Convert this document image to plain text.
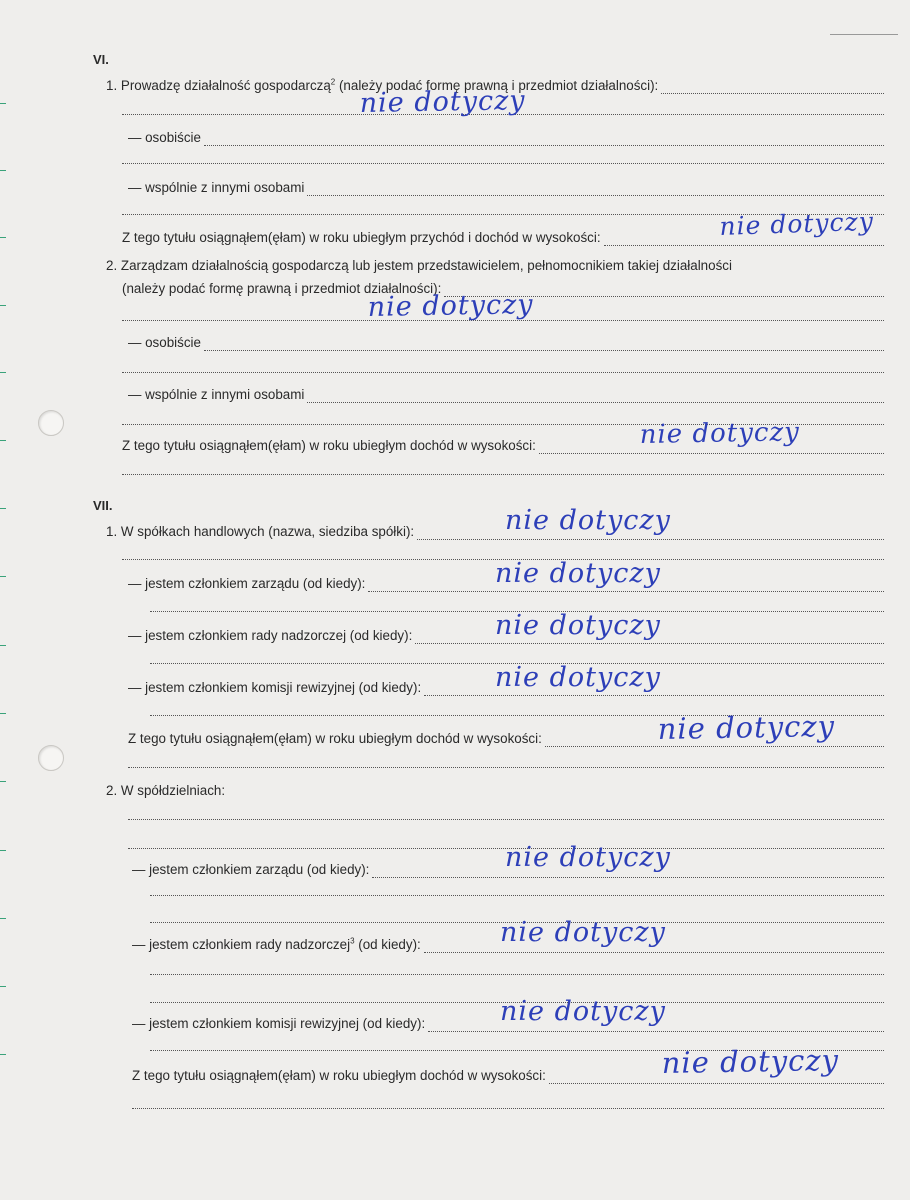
VI.
1. Prowadzę działalność gospodarczą$^2$ (należy podać formę prawną i przedmiot działalności):
— osobiście
— wspólnie z innymi osobami
Z tego tytułu osiągnąłem(ęłam) w roku ubiegłym przychód i dochód w wysokości:
2. Zarządzam działalnością gospodarczą lub jestem przedstawicielem, pełnomocnikiem takiej działalności
(należy podać formę prawną i przedmiot działalności):
— osobiście
— wspólnie z innymi osobami
Z tego tytułu osiągnąłem(ęłam) w roku ubiegłym dochód w wysokości:
VII.
1. W spółkach handlowych (nazwa, siedziba spółki):
— jestem członkiem zarządu (od kiedy):
— jestem członkiem rady nadzorczej (od kiedy):
— jestem członkiem komisji rewizyjnej (od kiedy):
Z tego tytułu osiągnąłem(ęłam) w roku ubiegłym dochód w wysokości:
2. W spółdzielniach:
— jestem członkiem zarządu (od kiedy):
— jestem członkiem rady nadzorczej$^3$ (od kiedy):
— jestem członkiem komisji rewizyjnej (od kiedy):
Z tego tytułu osiągnąłem(ęłam) w roku ubiegłym dochód w wysokości:
nie dotyczy
nie dotyczy
nie dotyczy
nie dotyczy
nie dotyczy
nie dotyczy
nie dotyczy
nie dotyczy
nie dotyczy
nie dotyczy
nie dotyczy
nie dotyczy
nie dotyczy
